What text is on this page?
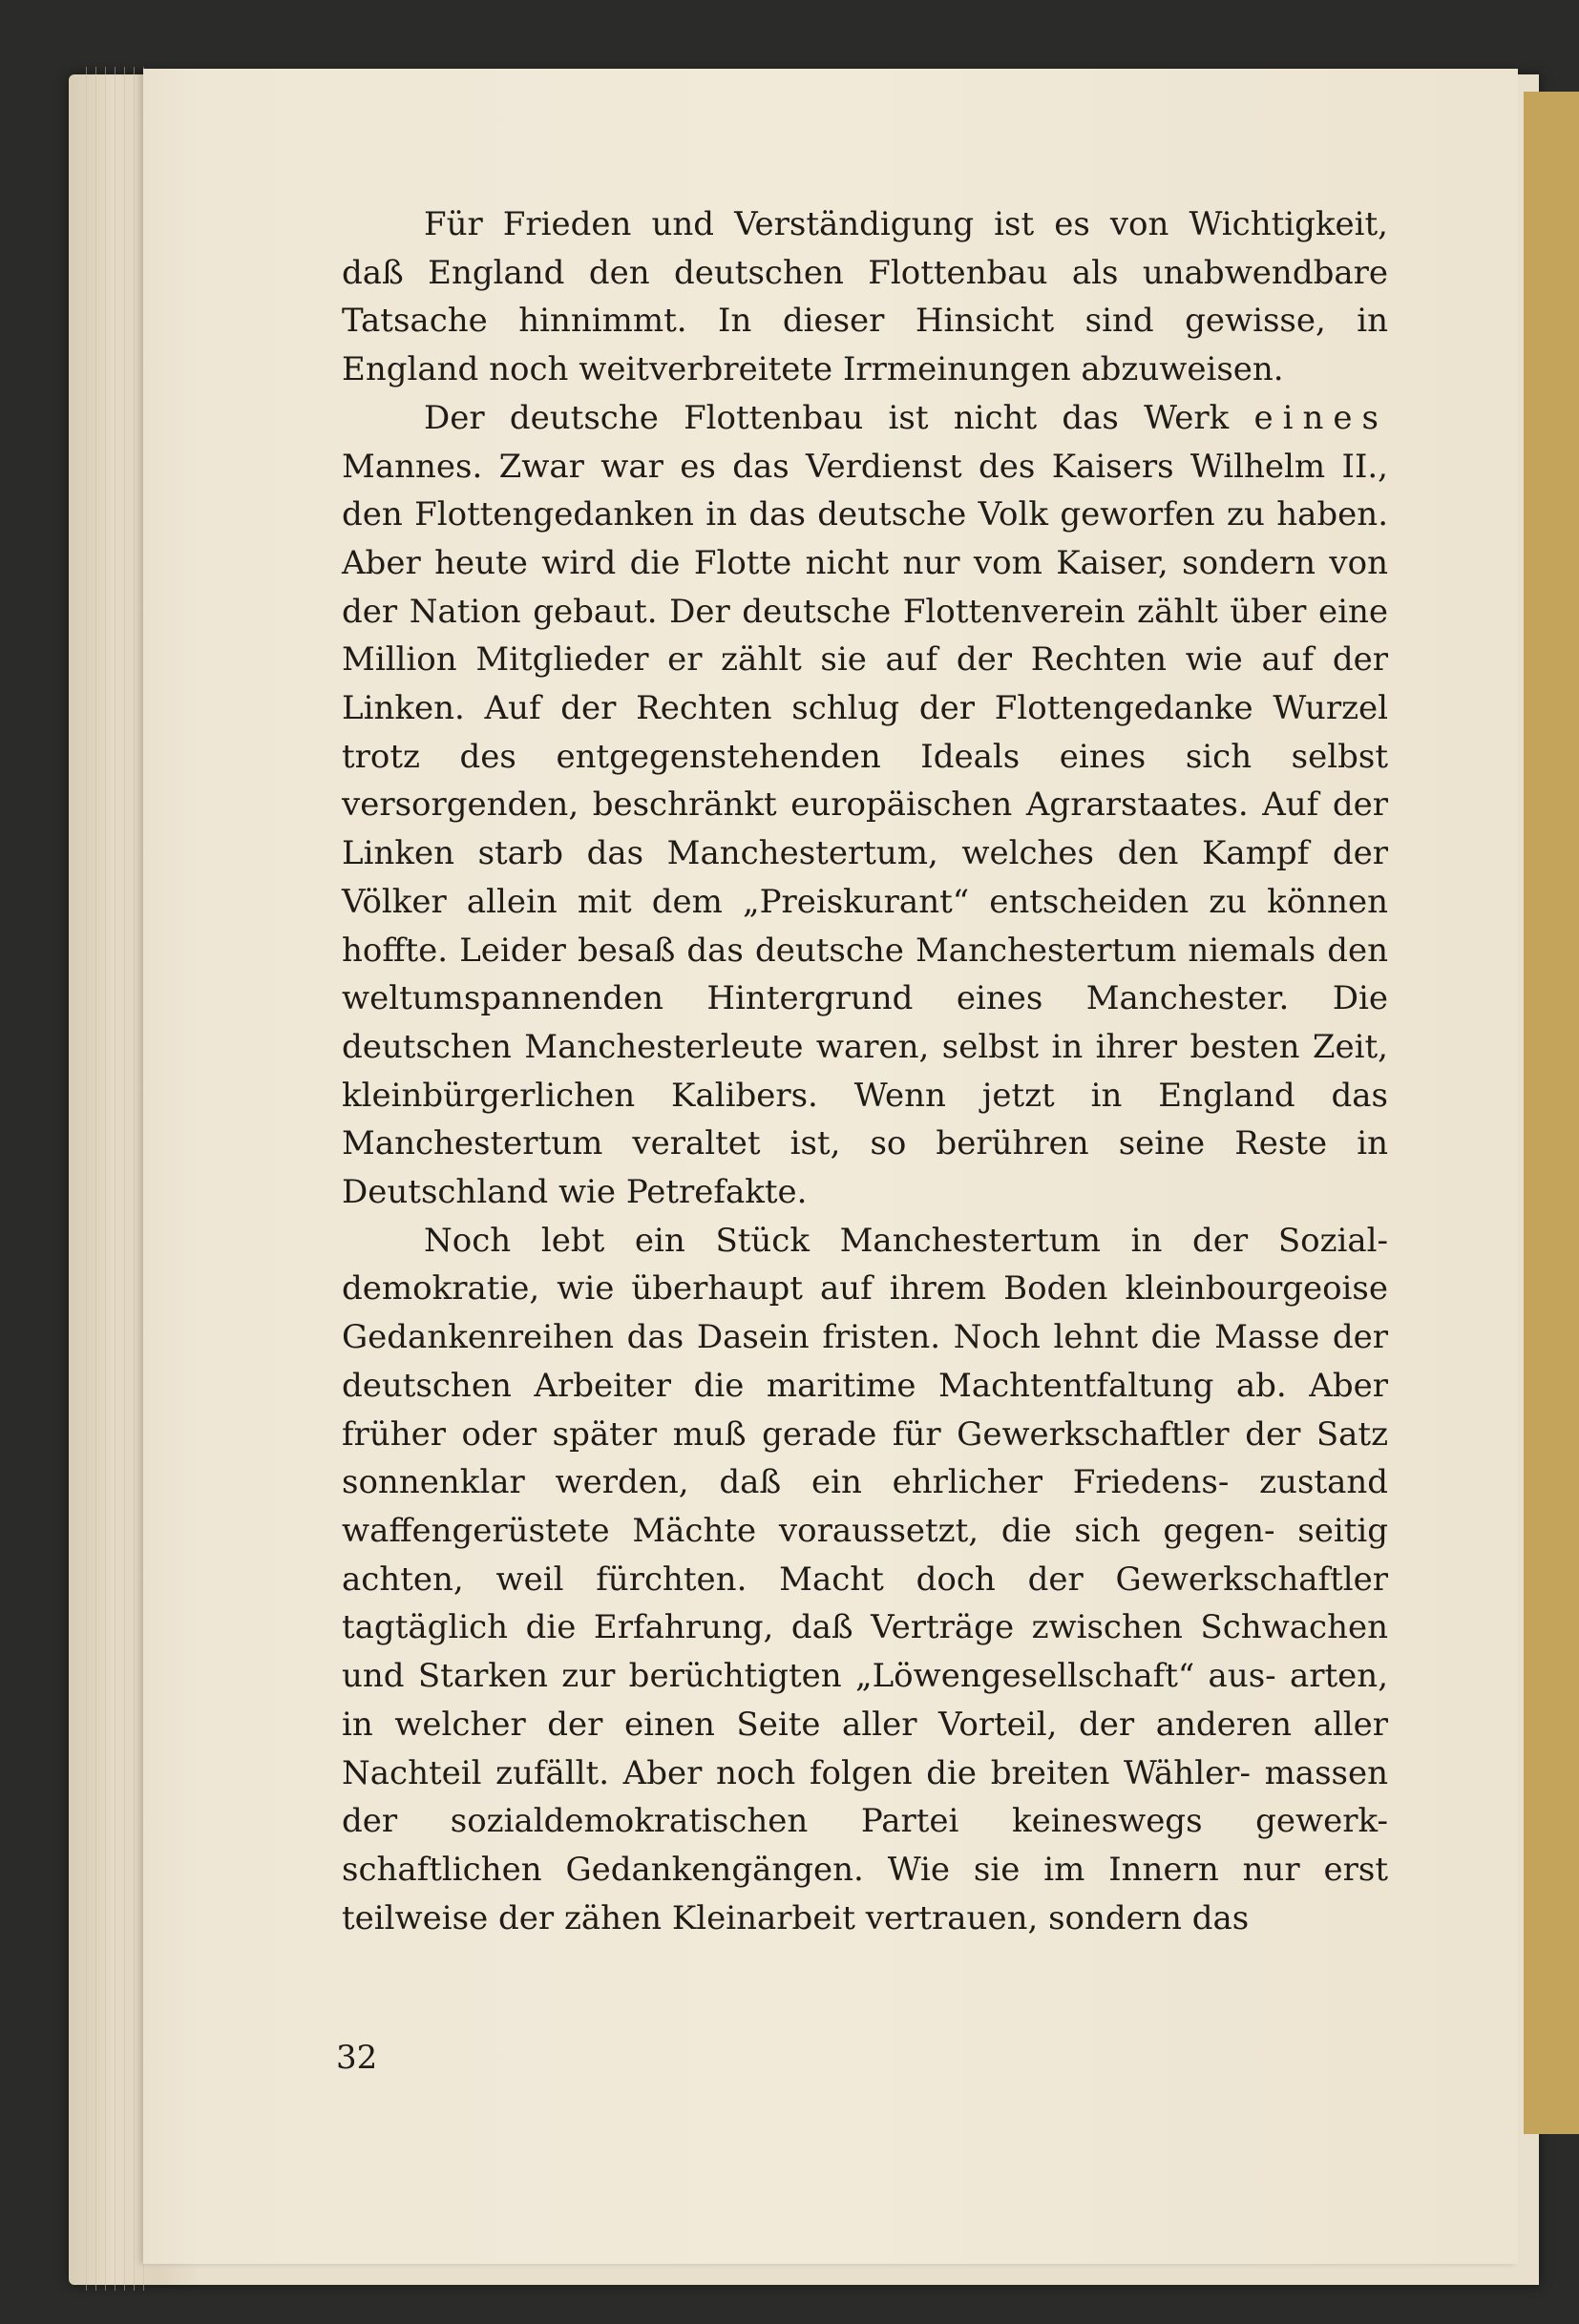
Für Frieden und Verständigung ist es von Wichtigkeit, daß England den deutschen Flottenbau als unabwendbare Tatsache hinnimmt. In dieser Hinsicht sind gewisse, in England noch weitverbreitete Irrmeinungen abzuweisen.

Der deutsche Flottenbau ist nicht das Werk eines Mannes. Zwar war es das Verdienst des Kaisers Wilhelm II., den Flottengedanken in das deutsche Volk geworfen zu haben. Aber heute wird die Flotte nicht nur vom Kaiser, sondern von der Nation gebaut. Der deutsche Flottenverein zählt über eine Million Mitglieder er zählt sie auf der Rechten wie auf der Linken. Auf der Rechten schlug der Flottengedanke Wurzel trotz des entgegenstehenden Ideals eines sich selbst versorgenden, beschränkt europäischen Agrarstaates. Auf der Linken starb das Manchestertum, welches den Kampf der Völker allein mit dem „Preiskurant“ entscheiden zu können hoffte. Leider besaß das deutsche Manchestertum niemals den weltumspannenden Hintergrund eines Manchester. Die deutschen Manchesterleute waren, selbst in ihrer besten Zeit, kleinbürgerlichen Kalibers. Wenn jetzt in England das Manchestertum veraltet ist, so berühren seine Reste in Deutschland wie Petrefakte.

Noch lebt ein Stück Manchestertum in der Sozial- demokratie, wie überhaupt auf ihrem Boden kleinbourgeoise Gedankenreihen das Dasein fristen. Noch lehnt die Masse der deutschen Arbeiter die maritime Machtentfaltung ab. Aber früher oder später muß gerade für Gewerkschaftler der Satz sonnenklar werden, daß ein ehrlicher Friedens- zustand waffengerüstete Mächte voraussetzt, die sich gegen- seitig achten, weil fürchten. Macht doch der Gewerkschaftler tagtäglich die Erfahrung, daß Verträge zwischen Schwachen und Starken zur berüchtigten „Löwengesellschaft“ aus- arten, in welcher der einen Seite aller Vorteil, der anderen aller Nachteil zufällt. Aber noch folgen die breiten Wähler- massen der sozialdemokratischen Partei keineswegs gewerk- schaftlichen Gedankengängen. Wie sie im Innern nur erst teilweise der zähen Kleinarbeit vertrauen, sondern das

32
